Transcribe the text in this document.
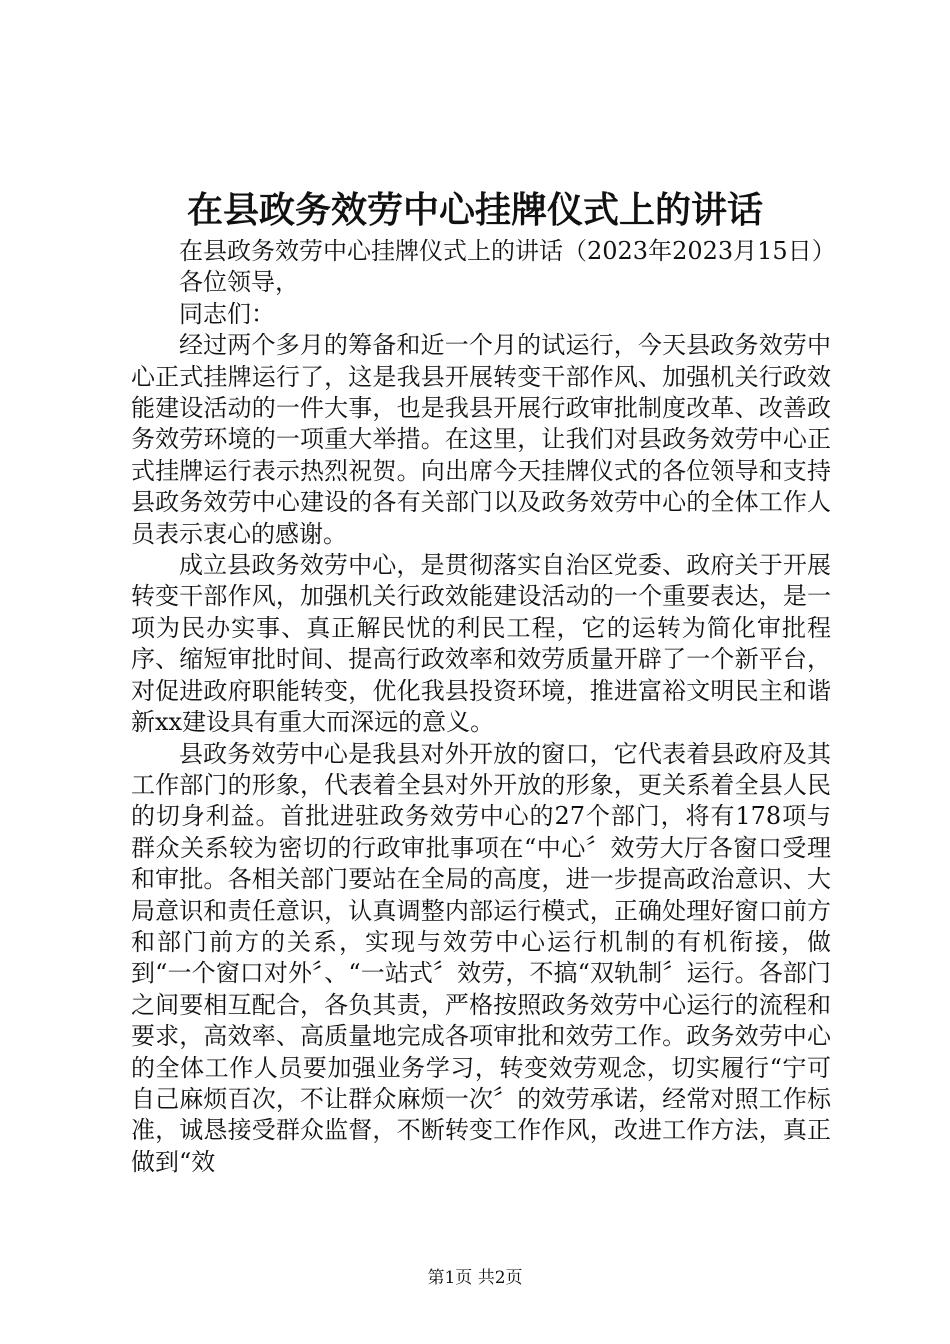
在县政务效劳中心挂牌仪式上的讲话

在县政务效劳中心挂牌仪式上的讲话（2023年2023月15日）

各位领导，

同志们：

经过两个多月的筹备和近一个月的试运行，今天县政务效劳中心正式挂牌运行了，这是我县开展转变干部作风、加强机关行政效能建设活动的一件大事，也是我县开展行政审批制度改革、改善政务效劳环境的一项重大举措。在这里，让我们对县政务效劳中心正式挂牌运行表示热烈祝贺。向出席今天挂牌仪式的各位领导和支持县政务效劳中心建设的各有关部门以及政务效劳中心的全体工作人员表示衷心的感谢。

成立县政务效劳中心，是贯彻落实自治区党委、政府关于开展转变干部作风，加强机关行政效能建设活动的一个重要表达，是一项为民办实事、真正解民忧的利民工程，它的运转为简化审批程序、缩短审批时间、提高行政效率和效劳质量开辟了一个新平台，对促进政府职能转变，优化我县投资环境，推进富裕文明民主和谐新xx建设具有重大而深远的意义。

县政务效劳中心是我县对外开放的窗口，它代表着县政府及其工作部门的形象，代表着全县对外开放的形象，更关系着全县人民的切身利益。首批进驻政务效劳中心的27个部门，将有178项与群众关系较为密切的行政审批事项在“中心〞效劳大厅各窗口受理和审批。各相关部门要站在全局的高度，进一步提高政治意识、大局意识和责任意识，认真调整内部运行模式，正确处理好窗口前方和部门前方的关系，实现与效劳中心运行机制的有机衔接，做到“一个窗口对外〞、“一站式〞效劳，不搞“双轨制〞运行。各部门之间要相互配合，各负其责，严格按照政务效劳中心运行的流程和要求，高效率、高质量地完成各项审批和效劳工作。政务效劳中心的全体工作人员要加强业务学习，转变效劳观念，切实履行“宁可自己麻烦百次，不让群众麻烦一次〞的效劳承诺，经常对照工作标准，诚恳接受群众监督，不断转变工作作风，改进工作方法，真正做到“效

第1页 共2页
